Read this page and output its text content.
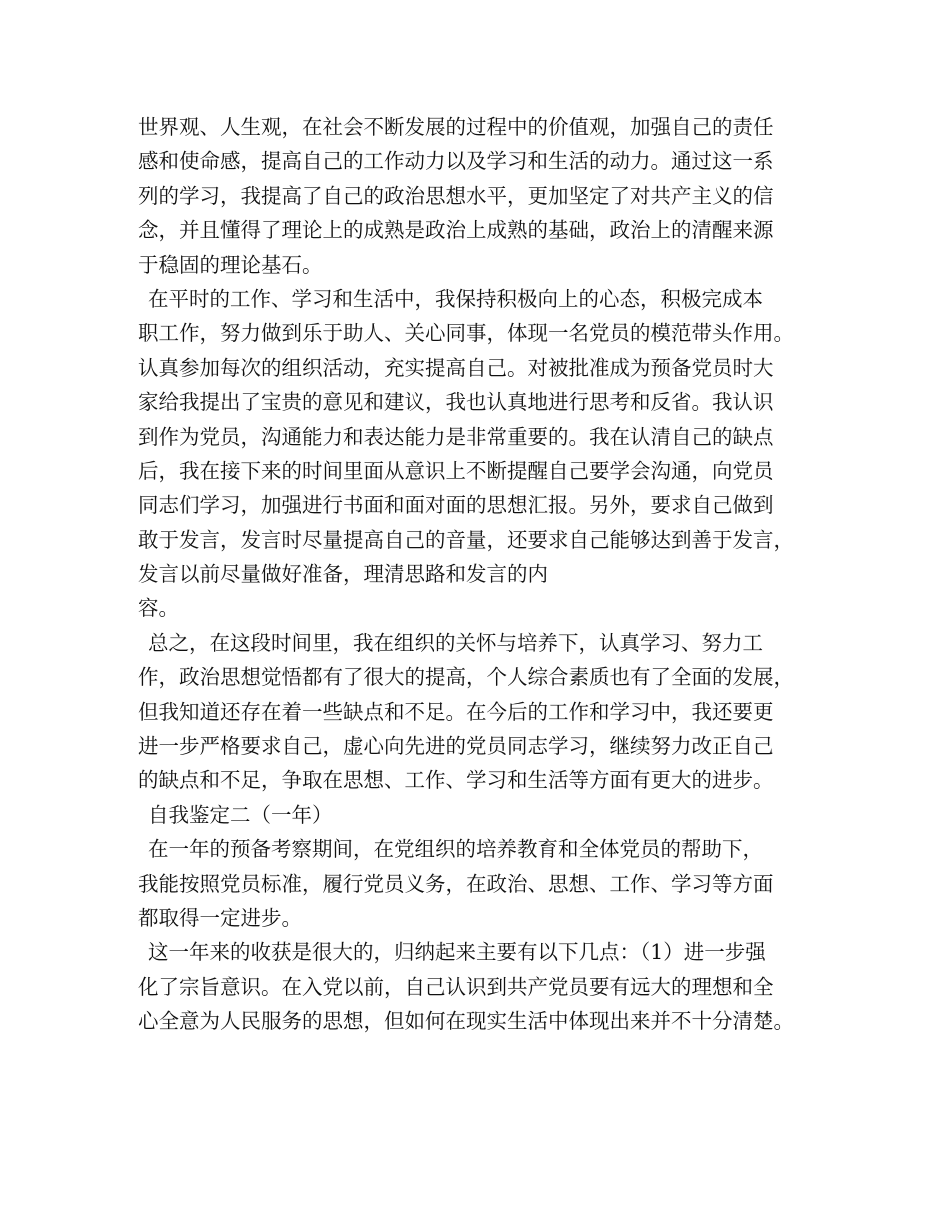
世界观、人生观，在社会不断发展的过程中的价值观，加强自己的责任
感和使命感，提高自己的工作动力以及学习和生活的动力。通过这一系
列的学习，我提高了自己的政治思想水平，更加坚定了对共产主义的信
念，并且懂得了理论上的成熟是政治上成熟的基础，政治上的清醒来源
于稳固的理论基石。
在平时的工作、学习和生活中，我保持积极向上的心态，积极完成本
职工作，努力做到乐于助人、关心同事，体现一名党员的模范带头作用。
认真参加每次的组织活动，充实提高自己。对被批准成为预备党员时大
家给我提出了宝贵的意见和建议，我也认真地进行思考和反省。我认识
到作为党员，沟通能力和表达能力是非常重要的。我在认清自己的缺点
后，我在接下来的时间里面从意识上不断提醒自己要学会沟通，向党员
同志们学习，加强进行书面和面对面的思想汇报。另外，要求自己做到
敢于发言，发言时尽量提高自己的音量，还要求自己能够达到善于发言，
发言以前尽量做好准备，理清思路和发言的内
容。
总之，在这段时间里，我在组织的关怀与培养下，认真学习、努力工
作，政治思想觉悟都有了很大的提高，个人综合素质也有了全面的发展，
但我知道还存在着一些缺点和不足。在今后的工作和学习中，我还要更
进一步严格要求自己，虚心向先进的党员同志学习，继续努力改正自己
的缺点和不足，争取在思想、工作、学习和生活等方面有更大的进步。
自我鉴定二（一年）
在一年的预备考察期间，在党组织的培养教育和全体党员的帮助下，
我能按照党员标准，履行党员义务，在政治、思想、工作、学习等方面
都取得一定进步。
这一年来的收获是很大的，归纳起来主要有以下几点：（1）进一步强
化了宗旨意识。在入党以前，自己认识到共产党员要有远大的理想和全
心全意为人民服务的思想，但如何在现实生活中体现出来并不十分清楚。
